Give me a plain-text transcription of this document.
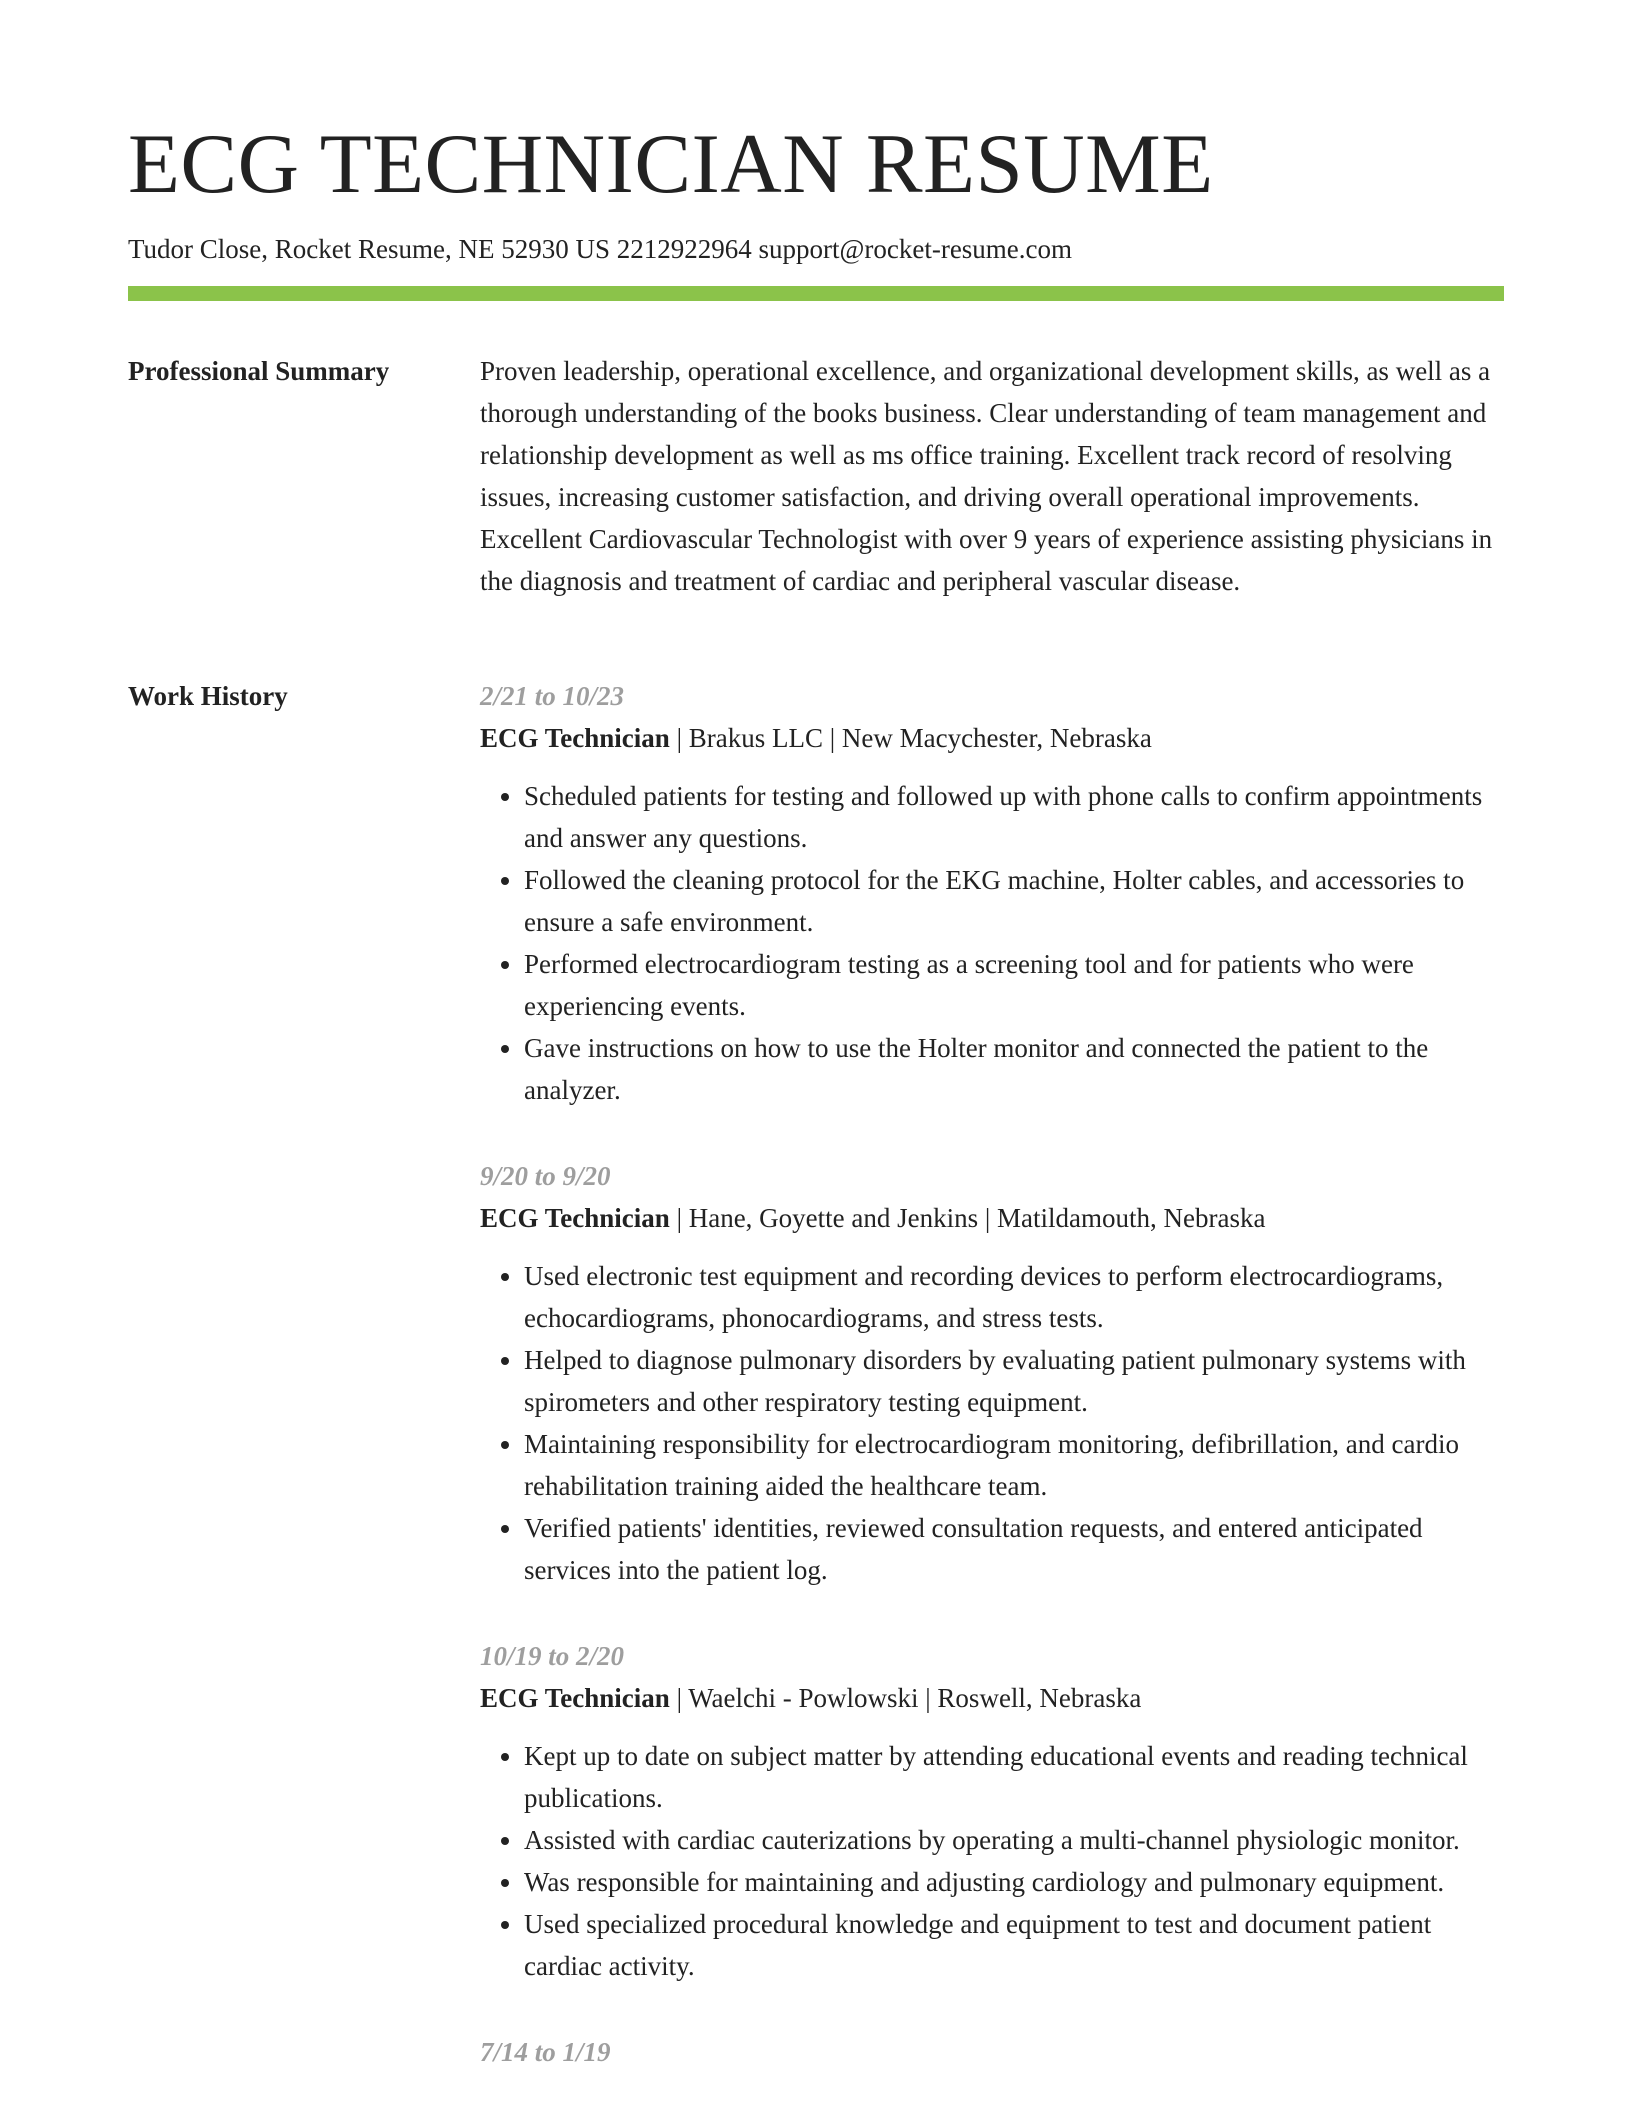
ECG TECHNICIAN RESUME
Tudor Close, Rocket Resume, NE 52930 US 2212922964 support@rocket-resume.com
Professional Summary	Proven leadership, operational excellence, and organizational development skills, as well as a thorough understanding of the books business. Clear understanding of team management and relationship development as well as ms office training. Excellent track record of resolving issues, increasing customer satisfaction, and driving overall operational improvements. Excellent Cardiovascular Technologist with over 9 years of experience assisting physicians in the diagnosis and treatment of cardiac and peripheral vascular disease.

Work History	2/21 to 10/23
ECG Technician | Brakus LLC | New Macychester, Nebraska
• Scheduled patients for testing and followed up with phone calls to confirm appointments and answer any questions.
• Followed the cleaning protocol for the EKG machine, Holter cables, and accessories to ensure a safe environment.
• Performed electrocardiogram testing as a screening tool and for patients who were experiencing events.
• Gave instructions on how to use the Holter monitor and connected the patient to the analyzer.
9/20 to 9/20
ECG Technician | Hane, Goyette and Jenkins | Matildamouth, Nebraska
• Used electronic test equipment and recording devices to perform electrocardiograms, echocardiograms, phonocardiograms, and stress tests.
• Helped to diagnose pulmonary disorders by evaluating patient pulmonary systems with spirometers and other respiratory testing equipment.
• Maintaining responsibility for electrocardiogram monitoring, defibrillation, and cardio rehabilitation training aided the healthcare team.
• Verified patients' identities, reviewed consultation requests, and entered anticipated services into the patient log.
10/19 to 2/20
ECG Technician | Waelchi - Powlowski | Roswell, Nebraska
• Kept up to date on subject matter by attending educational events and reading technical publications.
• Assisted with cardiac cauterizations by operating a multi-channel physiologic monitor.
• Was responsible for maintaining and adjusting cardiology and pulmonary equipment.
• Used specialized procedural knowledge and equipment to test and document patient cardiac activity.
7/14 to 1/19
